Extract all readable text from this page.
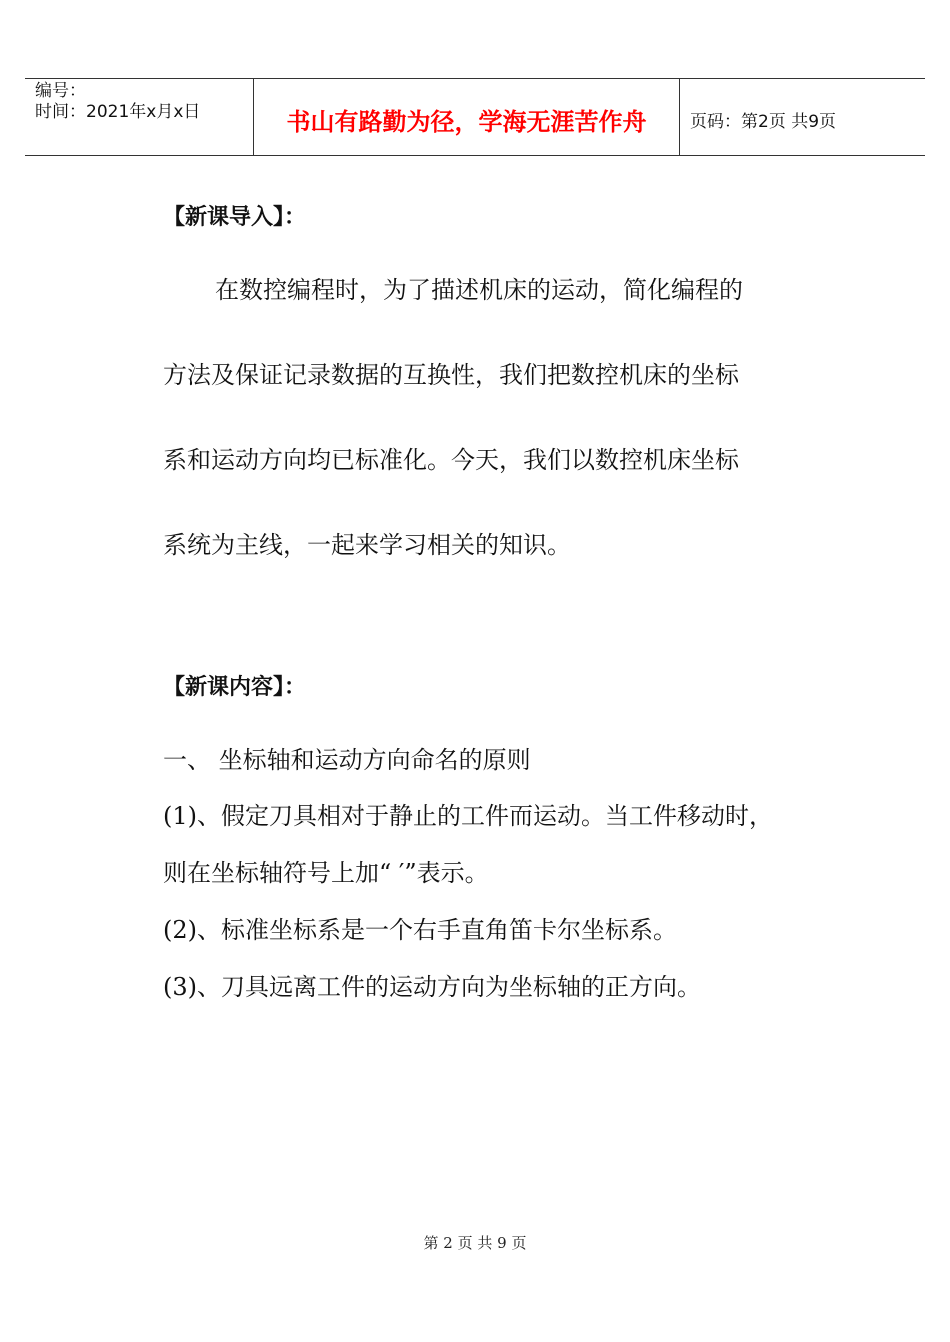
编号：
时间：2021年x月x日	书山有路勤为径，学海无涯苦作舟	页码：第2页 共9页
【新课导入】：
在数控编程时，为了描述机床的运动，简化编程的
方法及保证记录数据的互换性，我们把数控机床的坐标
系和运动方向均已标准化。今天，我们以数控机床坐标
系统为主线，一起来学习相关的知识。
【新课内容】：
一、 坐标轴和运动方向命名的原则
(1)、假定刀具相对于静止的工件而运动。当工件移动时，
则在坐标轴符号上加“ ′”表示。
(2)、标准坐标系是一个右手直角笛卡尔坐标系。
(3)、刀具远离工件的运动方向为坐标轴的正方向。
第 2 页 共 9 页
